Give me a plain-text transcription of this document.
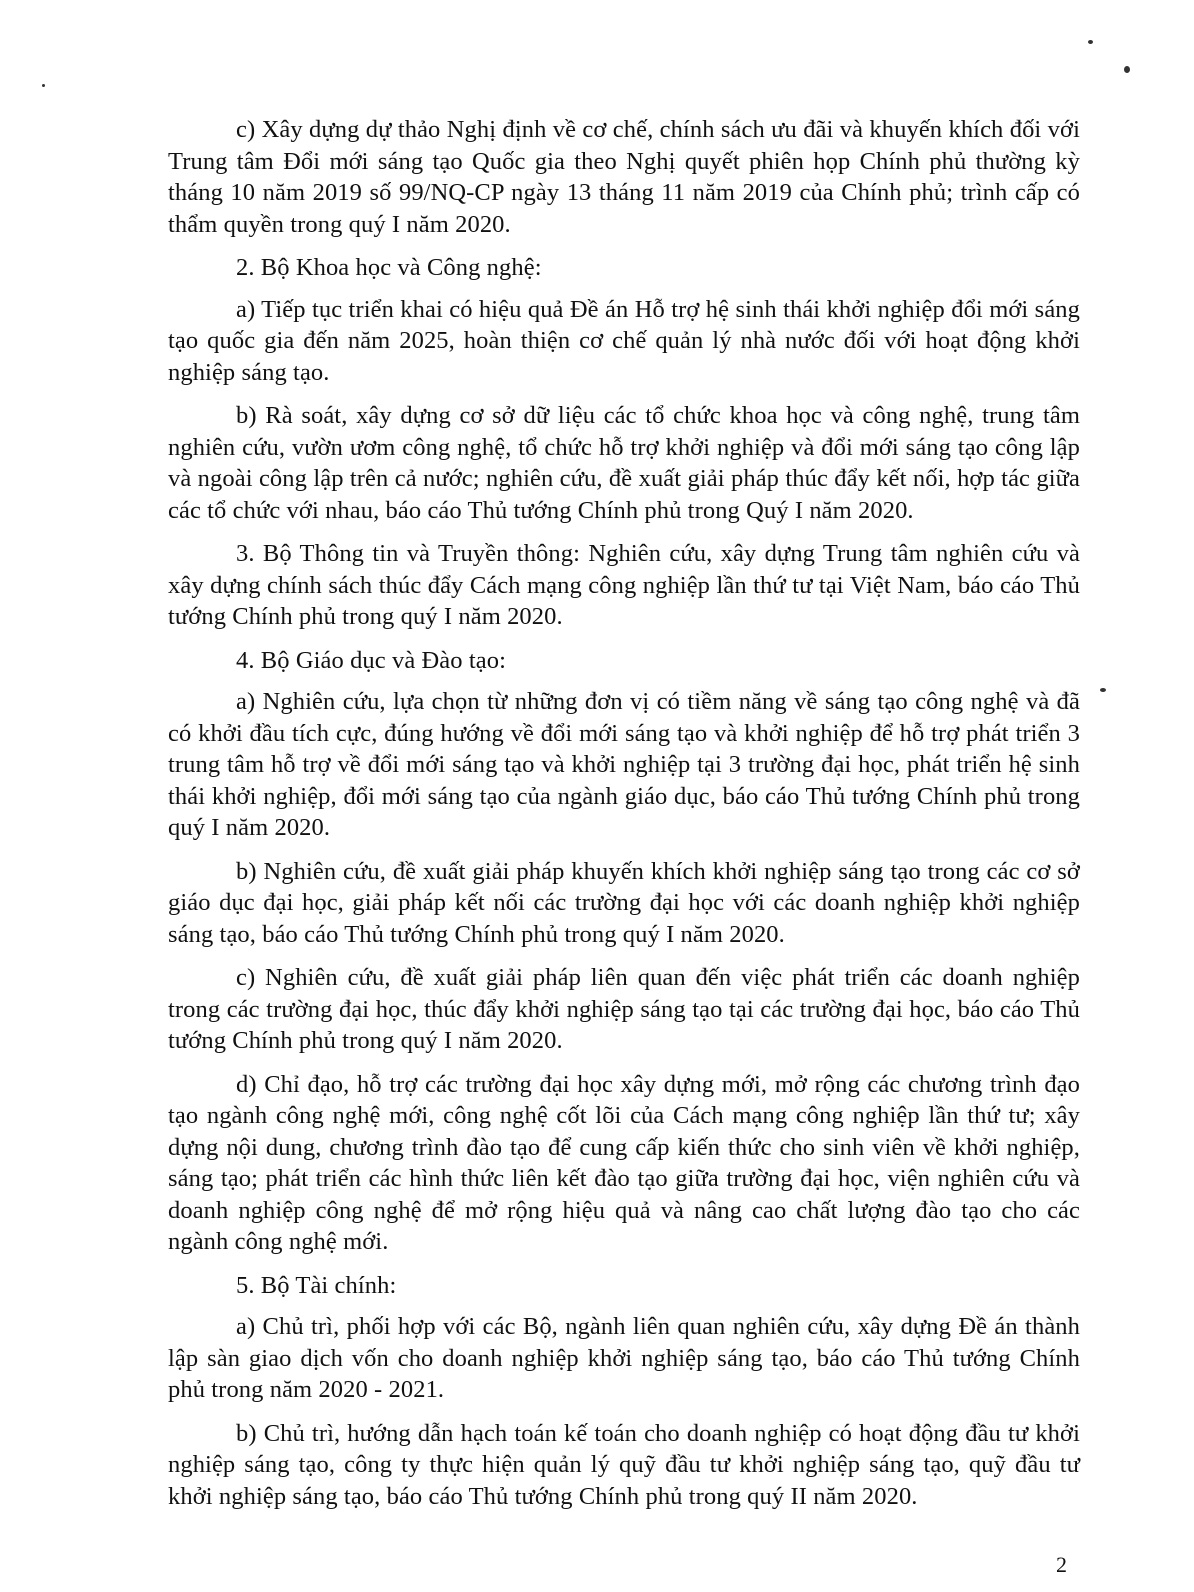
c) Xây dựng dự thảo Nghị định về cơ chế, chính sách ưu đãi và khuyến khích đối với Trung tâm Đổi mới sáng tạo Quốc gia theo Nghị quyết phiên họp Chính phủ thường kỳ tháng 10 năm 2019 số 99/NQ-CP ngày 13 tháng 11 năm 2019 của Chính phủ; trình cấp có thẩm quyền trong quý I năm 2020.

2. Bộ Khoa học và Công nghệ:

a) Tiếp tục triển khai có hiệu quả Đề án Hỗ trợ hệ sinh thái khởi nghiệp đổi mới sáng tạo quốc gia đến năm 2025, hoàn thiện cơ chế quản lý nhà nước đối với hoạt động khởi nghiệp sáng tạo.

b) Rà soát, xây dựng cơ sở dữ liệu các tổ chức khoa học và công nghệ, trung tâm nghiên cứu, vườn ươm công nghệ, tổ chức hỗ trợ khởi nghiệp và đổi mới sáng tạo công lập và ngoài công lập trên cả nước; nghiên cứu, đề xuất giải pháp thúc đẩy kết nối, hợp tác giữa các tổ chức với nhau, báo cáo Thủ tướng Chính phủ trong Quý I năm 2020.

3. Bộ Thông tin và Truyền thông: Nghiên cứu, xây dựng Trung tâm nghiên cứu và xây dựng chính sách thúc đẩy Cách mạng công nghiệp lần thứ tư tại Việt Nam, báo cáo Thủ tướng Chính phủ trong quý I năm 2020.

4. Bộ Giáo dục và Đào tạo:

a) Nghiên cứu, lựa chọn từ những đơn vị có tiềm năng về sáng tạo công nghệ và đã có khởi đầu tích cực, đúng hướng về đổi mới sáng tạo và khởi nghiệp để hỗ trợ phát triển 3 trung tâm hỗ trợ về đổi mới sáng tạo và khởi nghiệp tại 3 trường đại học, phát triển hệ sinh thái khởi nghiệp, đổi mới sáng tạo của ngành giáo dục, báo cáo Thủ tướng Chính phủ trong quý I năm 2020.

b) Nghiên cứu, đề xuất giải pháp khuyến khích khởi nghiệp sáng tạo trong các cơ sở giáo dục đại học, giải pháp kết nối các trường đại học với các doanh nghiệp khởi nghiệp sáng tạo, báo cáo Thủ tướng Chính phủ trong quý I năm 2020.

c) Nghiên cứu, đề xuất giải pháp liên quan đến việc phát triển các doanh nghiệp trong các trường đại học, thúc đẩy khởi nghiệp sáng tạo tại các trường đại học, báo cáo Thủ tướng Chính phủ trong quý I năm 2020.

d) Chỉ đạo, hỗ trợ các trường đại học xây dựng mới, mở rộng các chương trình đạo tạo ngành công nghệ mới, công nghệ cốt lõi của Cách mạng công nghiệp lần thứ tư; xây dựng nội dung, chương trình đào tạo để cung cấp kiến thức cho sinh viên về khởi nghiệp, sáng tạo; phát triển các hình thức liên kết đào tạo giữa trường đại học, viện nghiên cứu và doanh nghiệp công nghệ để mở rộng hiệu quả và nâng cao chất lượng đào tạo cho các ngành công nghệ mới.

5. Bộ Tài chính:

a) Chủ trì, phối hợp với các Bộ, ngành liên quan nghiên cứu, xây dựng Đề án thành lập sàn giao dịch vốn cho doanh nghiệp khởi nghiệp sáng tạo, báo cáo Thủ tướng Chính phủ trong năm 2020 - 2021.

b) Chủ trì, hướng dẫn hạch toán kế toán cho doanh nghiệp có hoạt động đầu tư khởi nghiệp sáng tạo, công ty thực hiện quản lý quỹ đầu tư khởi nghiệp sáng tạo, quỹ đầu tư khởi nghiệp sáng tạo, báo cáo Thủ tướng Chính phủ trong quý II năm 2020.

2
